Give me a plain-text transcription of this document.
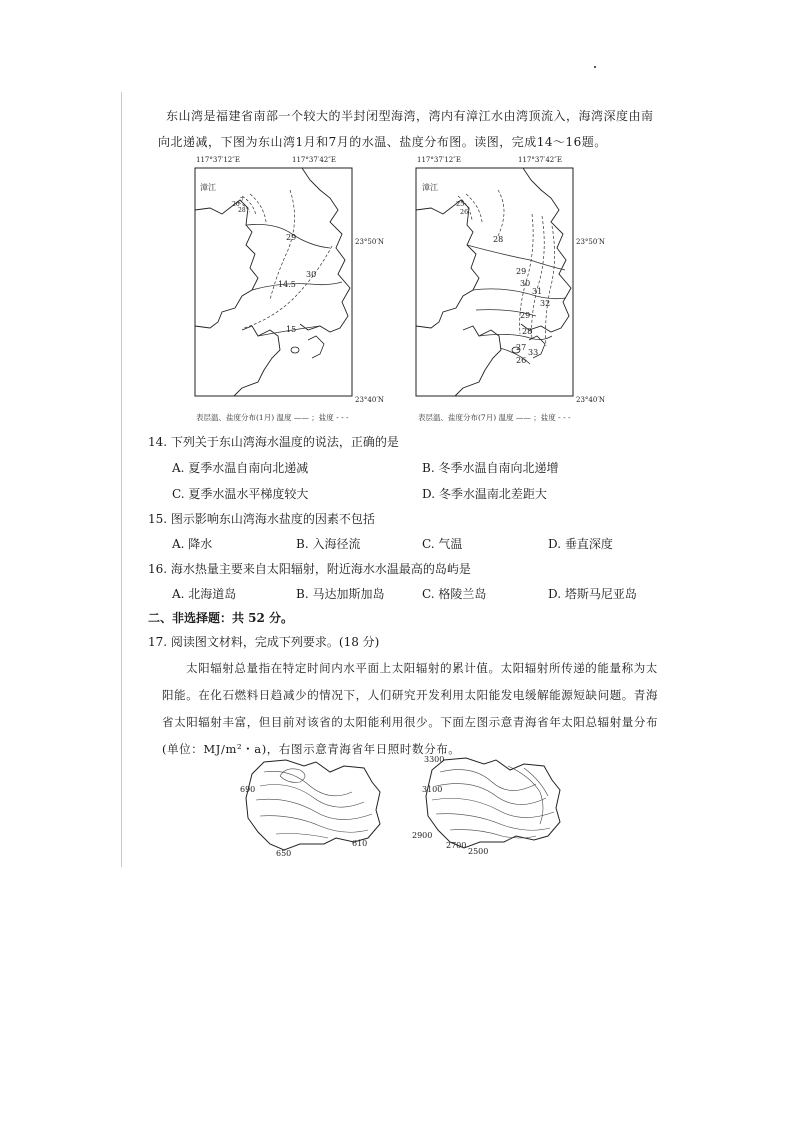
东山湾是福建省南部一个较大的半封闭型海湾，湾内有漳江水由湾顶流入，海湾深度由南
向北递减，下图为东山湾1月和7月的水温、盐度分布图。读图，完成14～16题。
117°37′12″E	117°37′42″E
23°50′N
23°40′N
漳江
26
7
28
29
30
14.5
15
117°37′12″E	117°37′42″E
23°50′N
23°40′N
漳江
25
26
28
29
30
31
32
29
28
27
26
33
表层温、盐度分布(1月) 温度 —— ；盐度 - - -	表层温、盐度分布(7月) 温度 —— ；盐度 - - -
14. 下列关于东山湾海水温度的说法，正确的是
A. 夏季水温自南向北递减	B. 冬季水温自南向北递增
C. 夏季水温水平梯度较大	D. 冬季水温南北差距大
15. 图示影响东山湾海水盐度的因素不包括
A. 降水	B. 入海径流	C. 气温	D. 垂直深度
16. 海水热量主要来自太阳辐射，附近海水水温最高的岛屿是
A. 北海道岛	B. 马达加斯加岛	C. 格陵兰岛	D. 塔斯马尼亚岛
二、非选择题：共 52 分。
17. 阅读图文材料，完成下列要求。(18 分)
太阳辐射总量指在特定时间内水平面上太阳辐射的累计值。太阳辐射所传递的能量称为太阳能。在化石燃料日趋减少的情况下，人们研究开发利用太阳能发电缓解能源短缺问题。青海省太阳辐射丰富，但目前对该省的太阳能利用很少。下面左图示意青海省年太阳总辐射量分布(单位：MJ/m²・a)，右图示意青海省年日照时数分布。
690
650
610
3300
3100
2900
2700
2500
